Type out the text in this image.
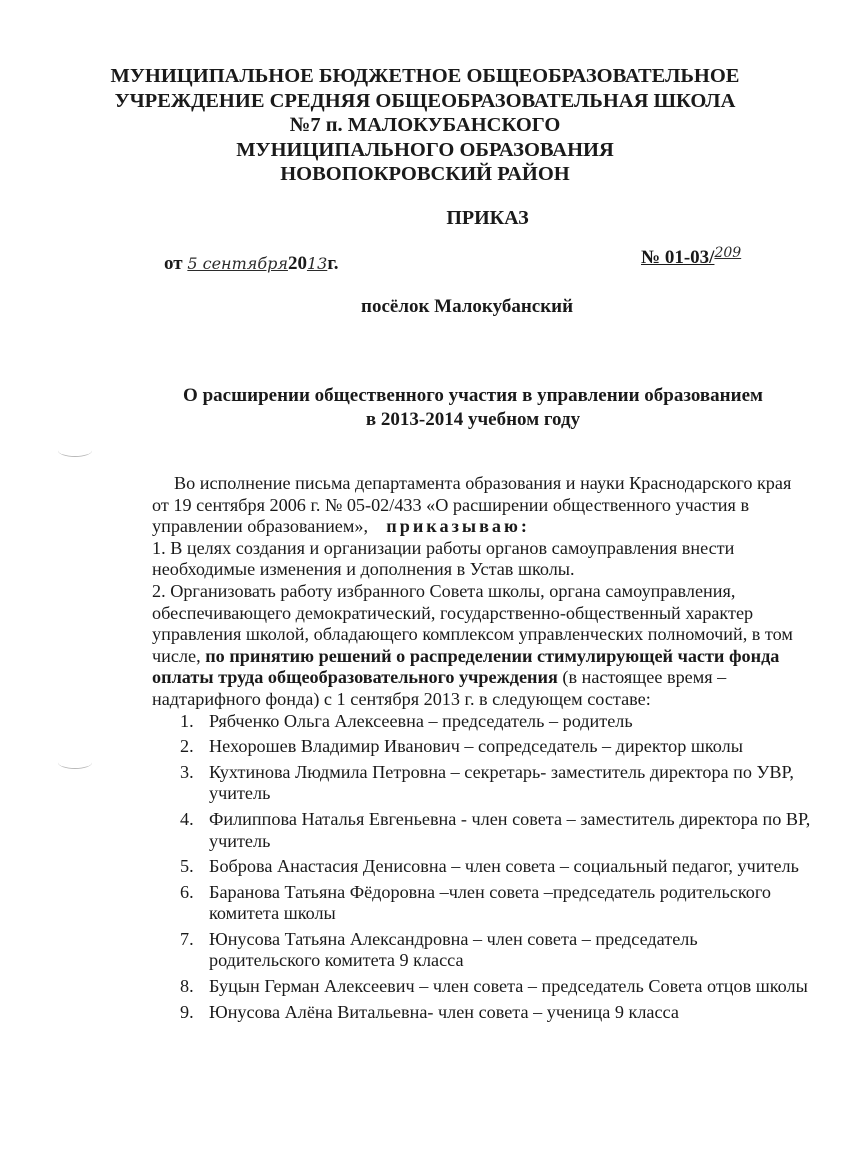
МУНИЦИПАЛЬНОЕ БЮДЖЕТНОЕ ОБЩЕОБРАЗОВАТЕЛЬНОЕ
УЧРЕЖДЕНИЕ СРЕДНЯЯ ОБЩЕОБРАЗОВАТЕЛЬНАЯ ШКОЛА
№7 п. МАЛОКУБАНСКОГО
МУНИЦИПАЛЬНОГО ОБРАЗОВАНИЯ
НОВОПОКРОВСКИЙ РАЙОН
ПРИКАЗ
от 5 сентября2013г.	№ 01-03/209
посёлок Малокубанский
О расширении общественного участия в управлении образованием
в 2013-2014 учебном году

Во исполнение письма департамента образования и науки Краснодарского края от 19 сентября 2006 г. № 05-02/433 «О расширении общественного участия в управлении образованием», приказываю:

1. В целях создания и организации работы органов самоуправления внести необходимые изменения и дополнения в Устав школы.

2. Организовать работу избранного Совета школы, органа самоуправления, обеспечивающего демократический, государственно-общественный характер управления школой, обладающего комплексом управленческих полномочий, в том числе, по принятию решений о распределении стимулирующей части фонда оплаты труда общеобразовательного учреждения (в настоящее время – надтарифного фонда) с 1 сентября 2013 г. в следующем составе:

1. Рябченко Ольга Алексеевна – председатель – родитель
2. Нехорошев Владимир Иванович – сопредседатель – директор школы
3. Кухтинова Людмила Петровна – секретарь- заместитель директора по УВР, учитель
4. Филиппова Наталья Евгеньевна - член совета – заместитель директора по ВР, учитель
5. Боброва Анастасия Денисовна – член совета – социальный педагог, учитель
6. Баранова Татьяна Фёдоровна –член совета –председатель родительского комитета школы
7. Юнусова Татьяна Александровна – член совета – председатель родительского комитета 9 класса
8. Буцын Герман Алексеевич – член совета – председатель Совета отцов школы
9. Юнусова Алёна Витальевна- член совета – ученица 9 класса
